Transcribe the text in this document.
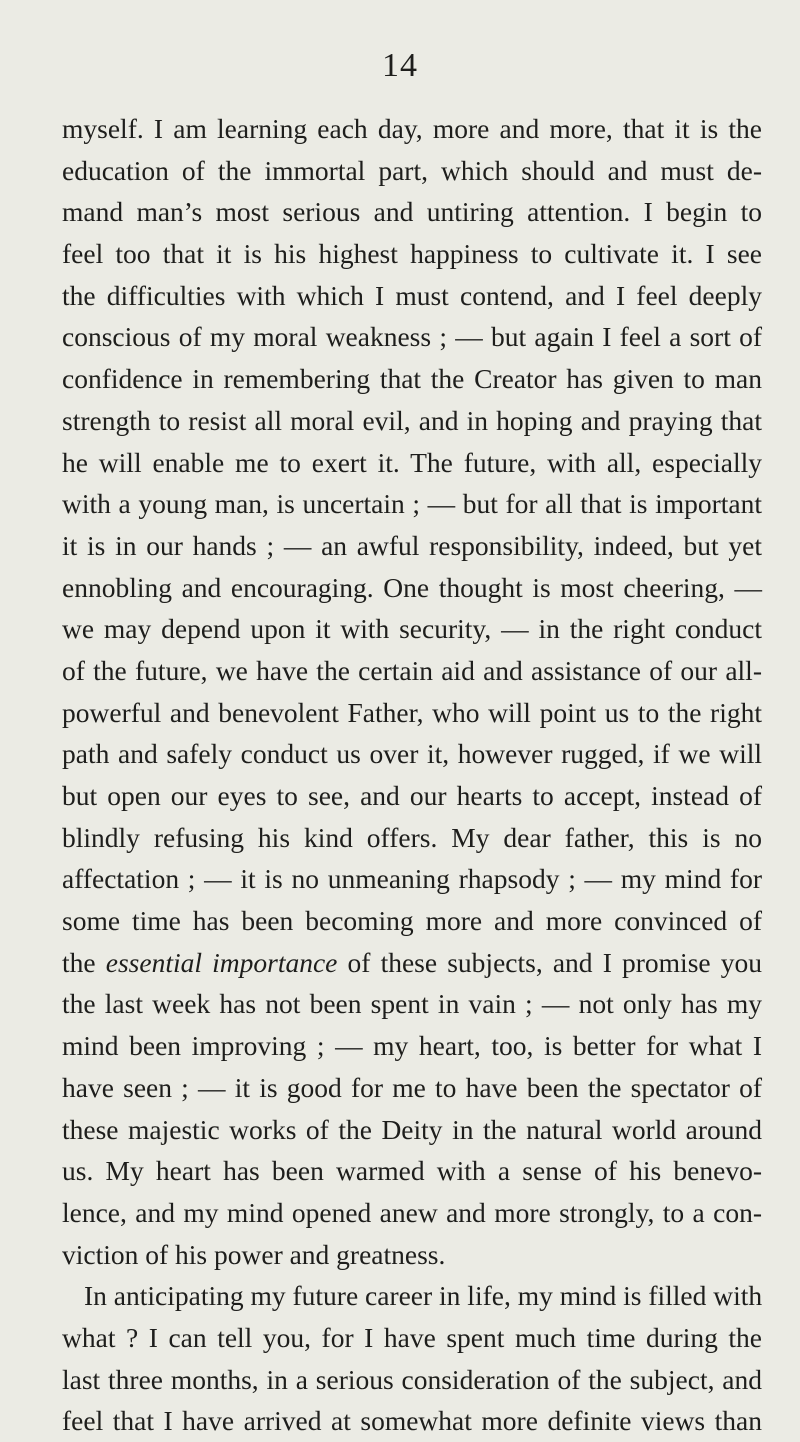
14
myself. I am learning each day, more and more, that it is the
education of the immortal part, which should and must de-
mand man’s most serious and untiring attention. I begin to
feel too that it is his highest happiness to cultivate it. I see
the difficulties with which I must contend, and I feel deeply
conscious of my moral weakness ; — but again I feel a sort of
confidence in remembering that the Creator has given to man
strength to resist all moral evil, and in hoping and praying that
he will enable me to exert it. The future, with all, especially
with a young man, is uncertain ; — but for all that is important
it is in our hands ; — an awful responsibility, indeed, but yet
ennobling and encouraging. One thought is most cheering, —
we may depend upon it with security, — in the right conduct
of the future, we have the certain aid and assistance of our all-
powerful and benevolent Father, who will point us to the right
path and safely conduct us over it, however rugged, if we will
but open our eyes to see, and our hearts to accept, instead of
blindly refusing his kind offers. My dear father, this is no
affectation ; — it is no unmeaning rhapsody ; — my mind for
some time has been becoming more and more convinced of
the essential importance of these subjects, and I promise you
the last week has not been spent in vain ; — not only has my
mind been improving ; — my heart, too, is better for what I
have seen ; — it is good for me to have been the spectator of
these majestic works of the Deity in the natural world around
us. My heart has been warmed with a sense of his benevo-
lence, and my mind opened anew and more strongly, to a con-
viction of his power and greatness.
In anticipating my future career in life, my mind is filled with
what ? I can tell you, for I have spent much time during the
last three months, in a serious consideration of the subject, and
feel that I have arrived at somewhat more definite views than
